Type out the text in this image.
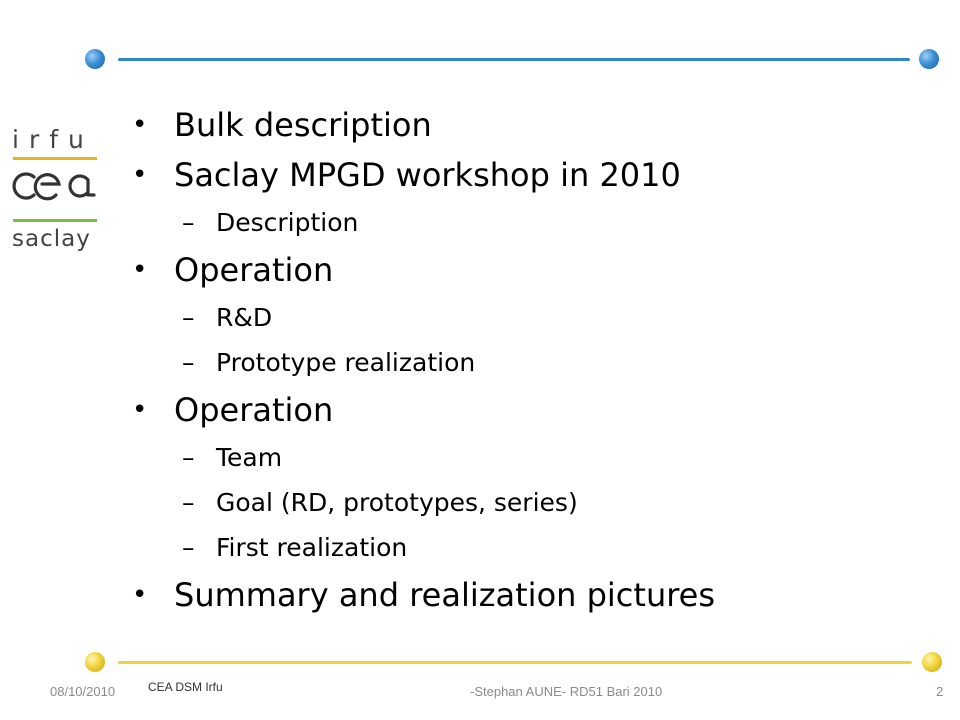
irfu
saclay
• Bulk description
• Saclay MPGD workshop in 2010
– Description
• Operation
– R&D
– Prototype realization
• Operation
– Team
– Goal (RD, prototypes, series)
– First realization
• Summary and realization pictures
08/10/2010	CEA DSM Irfu	-Stephan AUNE- RD51 Bari 2010	2
